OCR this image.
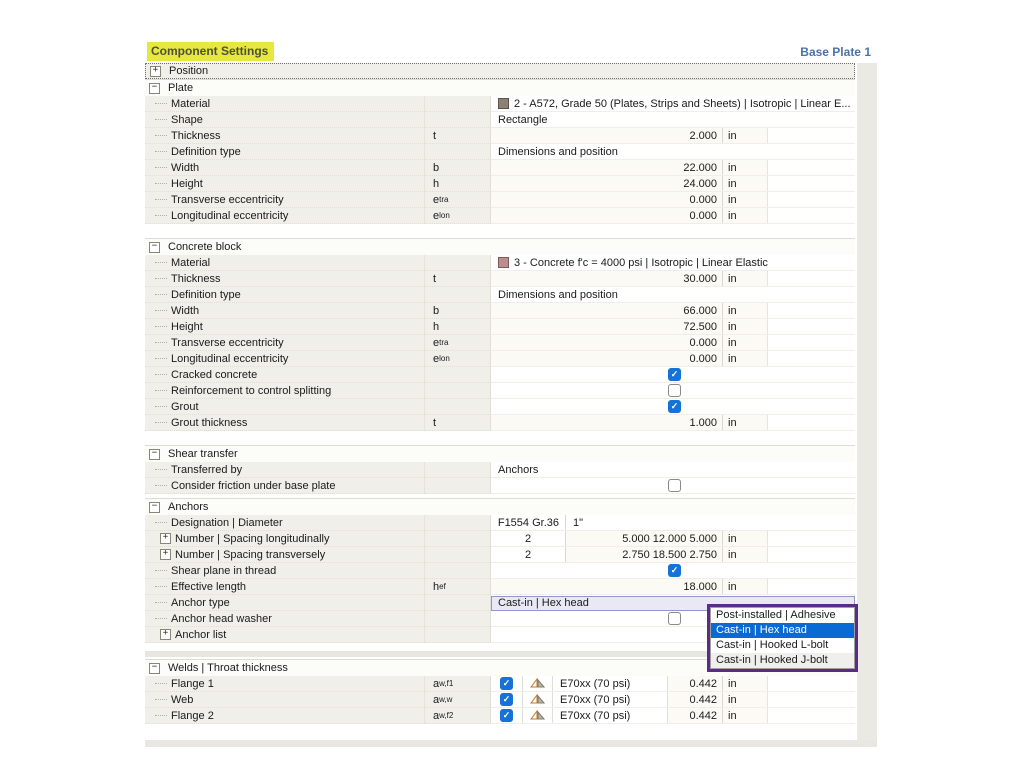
Component Settings	Base Plate 1
+ Position
− Plate
Material	2 - A572, Grade 50 (Plates, Strips and Sheets) | Isotropic | Linear E...
Shape	Rectangle
Thickness	t	2.000	in
Definition type	Dimensions and position
Width	b	22.000	in
Height	h	24.000	in
Transverse eccentricity	e tra	0.000	in
Longitudinal eccentricity	e lon	0.000	in
− Concrete block
Material	3 - Concrete f'c = 4000 psi | Isotropic | Linear Elastic
Thickness	t	30.000	in
Definition type	Dimensions and position
Width	b	66.000	in
Height	h	72.500	in
Transverse eccentricity	e tra	0.000	in
Longitudinal eccentricity	e lon	0.000	in
Cracked concrete	✓
Reinforcement to control splitting
Grout	✓
Grout thickness	t	1.000	in
− Shear transfer
Transferred by	Anchors
Consider friction under base plate
− Anchors
Designation | Diameter	F1554 Gr.36	1"
+ Number | Spacing longitudinally	2	5.000 12.000 5.000	in
+ Number | Spacing transversely	2	2.750 18.500 2.750	in
Shear plane in thread	✓
Effective length	h ef	18.000	in
Anchor type	Cast-in | Hex head
Anchor head washer
+ Anchor list
− Welds | Throat thickness
Flange 1	a w,f1	✓	E70xx (70 psi)	0.442	in
Web	a w,w	✓	E70xx (70 psi)	0.442	in
Flange 2	a w,f2	✓	E70xx (70 psi)	0.442	in
Post-installed | Adhesive
Cast-in | Hex head
Cast-in | Hooked L-bolt
Cast-in | Hooked J-bolt
